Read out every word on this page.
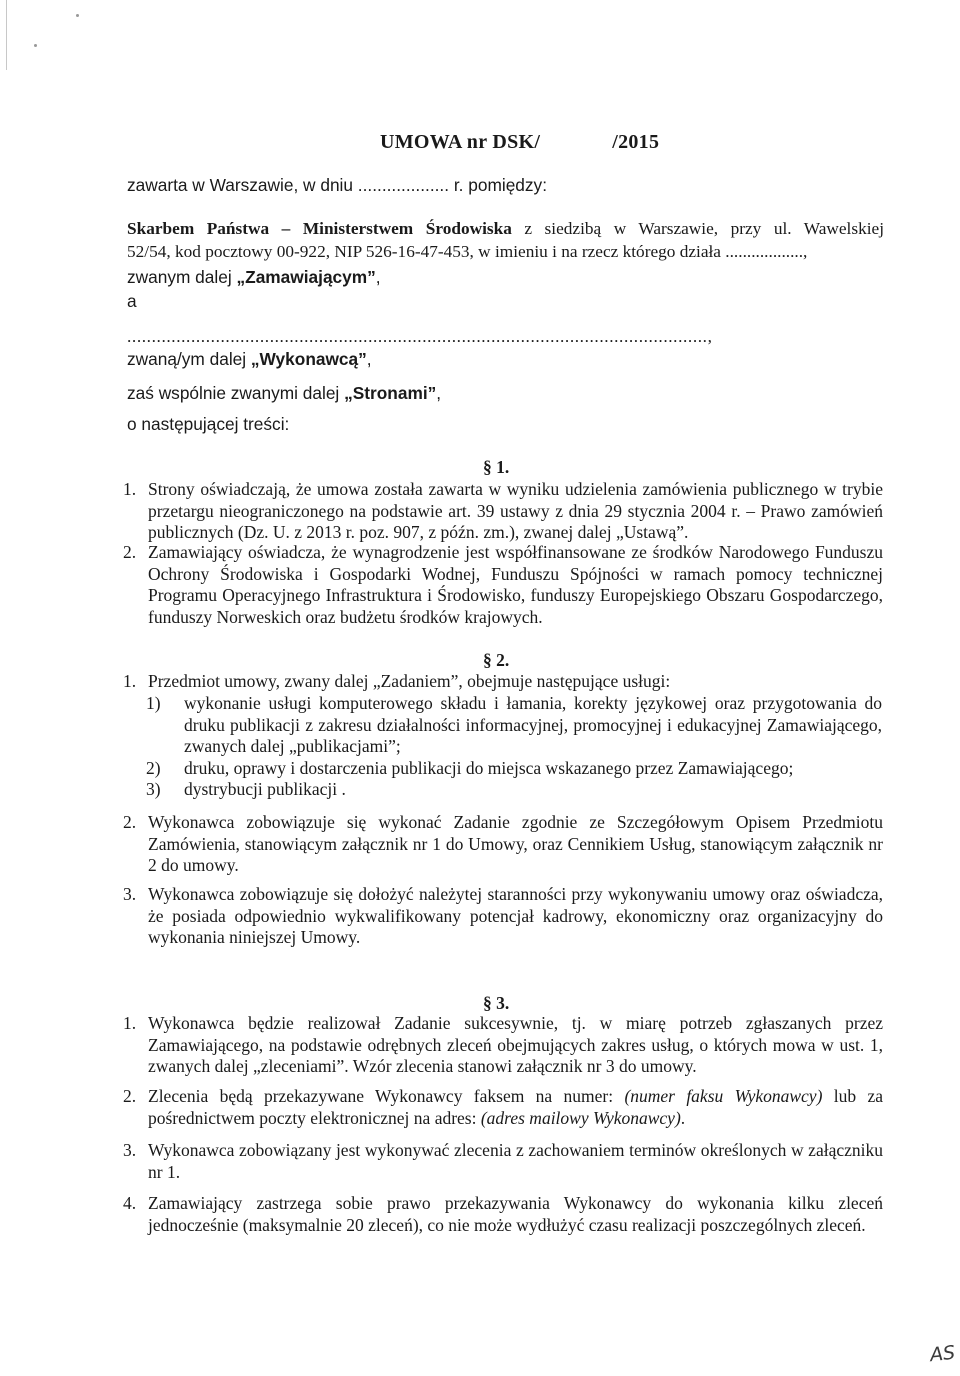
UMOWA nr DSK/	/2015
zawarta w Warszawie, w dniu ................... r. pomiędzy:
Skarbem Państwa – Ministerstwem Środowiska z siedzibą w Warszawie, przy ul. Wawelskiej
52/54, kod pocztowy 00-922, NIP 526-16-47-453, w imieniu i na rzecz którego działa ..................,
zwanym dalej „Zamawiającym”,
a
......................................................................................................................,
zwaną/ym dalej „Wykonawcą”,
zaś wspólnie zwanymi dalej „Stronami”,
o następującej treści:
§ 1.
1. Strony oświadczają, że umowa została zawarta w wyniku udzielenia zamówienia publicznego w trybie przetargu nieograniczonego na podstawie art. 39 ustawy z dnia 29 stycznia 2004 r. – Prawo zamówień publicznych (Dz. U. z 2013 r. poz. 907, z późn. zm.), zwanej dalej „Ustawą”.
2. Zamawiający oświadcza, że wynagrodzenie jest współfinansowane ze środków Narodowego Funduszu Ochrony Środowiska i Gospodarki Wodnej, Funduszu Spójności w ramach pomocy technicznej Programu Operacyjnego Infrastruktura i Środowisko, funduszy Europejskiego Obszaru Gospodarczego, funduszy Norweskich oraz budżetu środków krajowych.
§ 2.
1. Przedmiot umowy, zwany dalej „Zadaniem”, obejmuje następujące usługi:
1) wykonanie usługi komputerowego składu i łamania, korekty językowej oraz przygotowania do druku publikacji z zakresu działalności informacyjnej, promocyjnej i edukacyjnej Zamawiającego, zwanych dalej „publikacjami”;
2) druku, oprawy i dostarczenia publikacji do miejsca wskazanego przez Zamawiającego;
3) dystrybucji publikacji .
2. Wykonawca zobowiązuje się wykonać Zadanie zgodnie ze Szczegółowym Opisem Przedmiotu Zamówienia, stanowiącym załącznik nr 1 do Umowy, oraz Cennikiem Usług, stanowiącym załącznik nr 2 do umowy.
3. Wykonawca zobowiązuje się dołożyć należytej staranności przy wykonywaniu umowy oraz oświadcza, że posiada odpowiednio wykwalifikowany potencjał kadrowy, ekonomiczny oraz organizacyjny do wykonania niniejszej Umowy.
§ 3.
1. Wykonawca będzie realizował Zadanie sukcesywnie, tj. w miarę potrzeb zgłaszanych przez Zamawiającego, na podstawie odrębnych zleceń obejmujących zakres usług, o których mowa w ust. 1, zwanych dalej „zleceniami”. Wzór zlecenia stanowi załącznik nr 3 do umowy.
2. Zlecenia będą przekazywane Wykonawcy faksem na numer: (numer faksu Wykonawcy) lub za pośrednictwem poczty elektronicznej na adres: (adres mailowy Wykonawcy).
3. Wykonawca zobowiązany jest wykonywać zlecenia z zachowaniem terminów określonych w załączniku nr 1.
4. Zamawiający zastrzega sobie prawo przekazywania Wykonawcy do wykonania kilku zleceń jednocześnie (maksymalnie 20 zleceń), co nie może wydłużyć czasu realizacji poszczególnych zleceń.
AS
